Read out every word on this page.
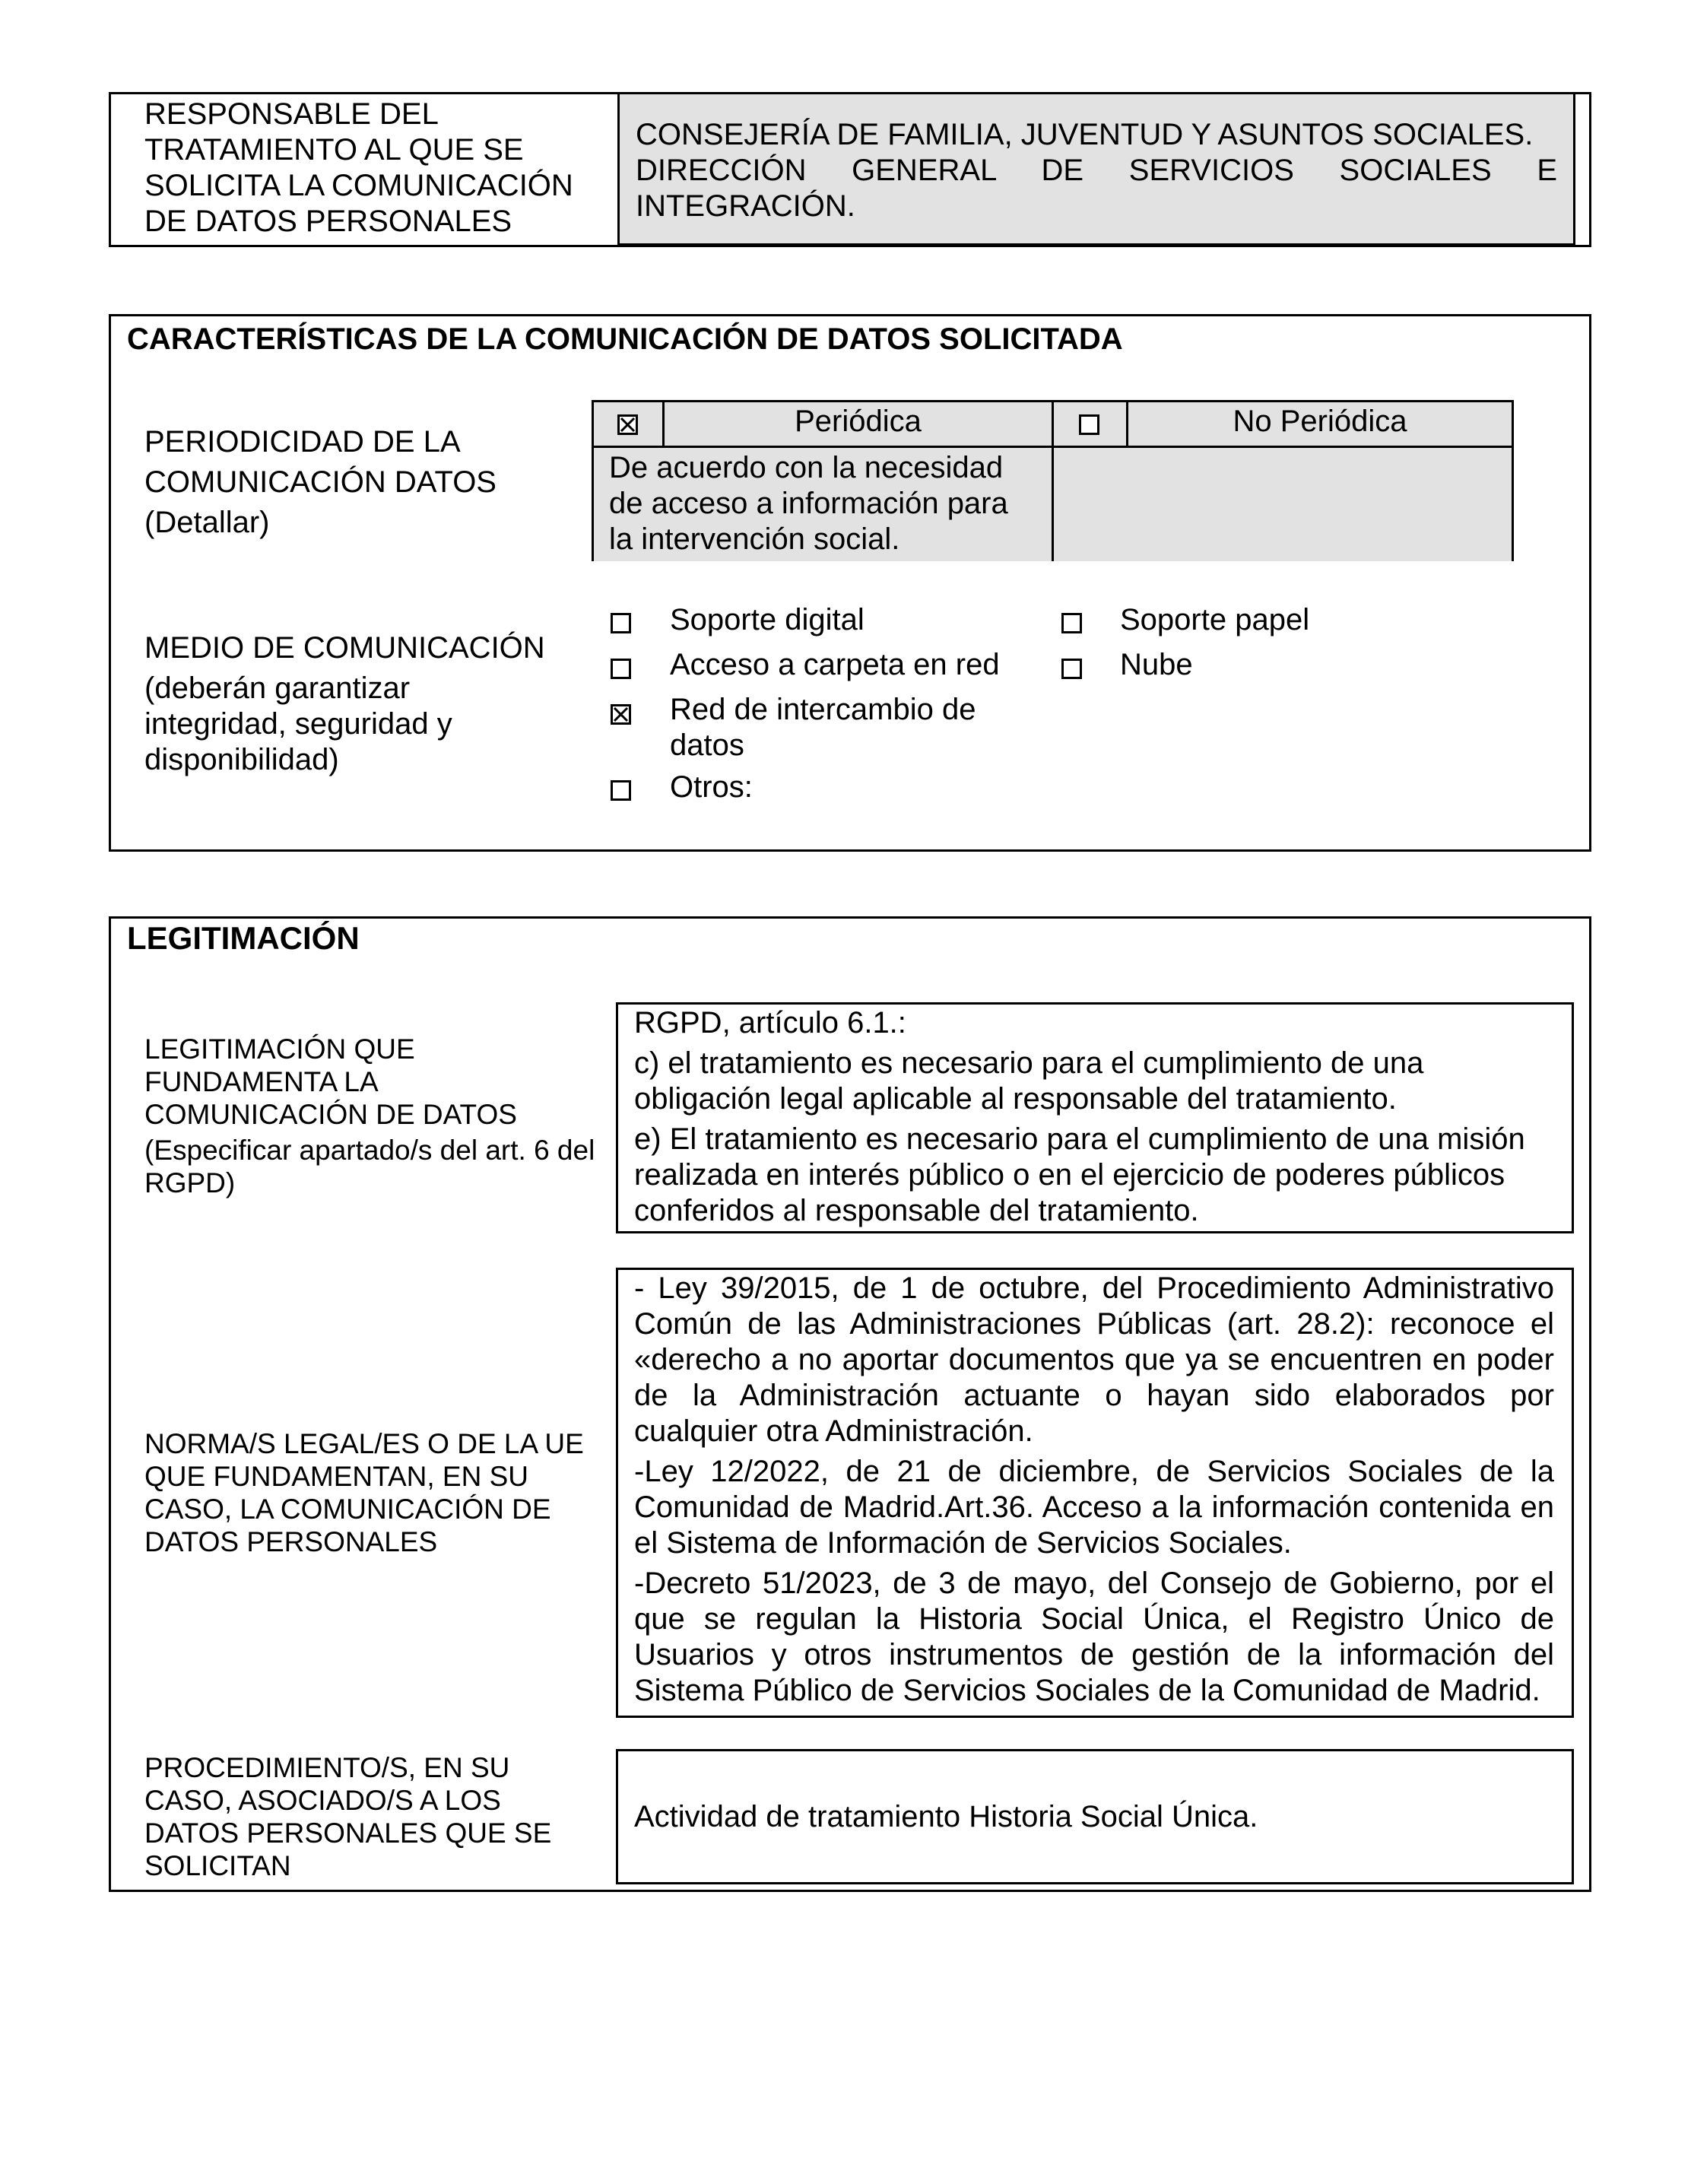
RESPONSABLE DEL TRATAMIENTO AL QUE SE SOLICITA LA COMUNICACIÓN DE DATOS PERSONALES

CONSEJERÍA DE FAMILIA, JUVENTUD Y ASUNTOS SOCIALES.

DIRECCIÓN GENERAL DE SERVICIOS SOCIALES E

INTEGRACIÓN.

CARACTERÍSTICAS DE LA COMUNICACIÓN DE DATOS SOLICITADA

PERIODICIDAD DE LA

COMUNICACIÓN DATOS

(Detallar)

Periódica	No Periódica
De acuerdo con la necesidad de acceso a información para la intervención social.
MEDIO DE COMUNICACIÓN
(deberán garantizar integridad, seguridad y disponibilidad)
Soporte digital
Acceso a carpeta en red
Red de intercambio de datos
Otros:
Soporte papel
Nube
LEGITIMACIÓN
LEGITIMACIÓN QUE FUNDAMENTA LA COMUNICACIÓN DE DATOS
(Especificar apartado/s del art. 6 del RGPD)

RGPD, artículo 6.1.:

c) el tratamiento es necesario para el cumplimiento de una obligación legal aplicable al responsable del tratamiento.

e) El tratamiento es necesario para el cumplimiento de una misión realizada en interés público o en el ejercicio de poderes públicos conferidos al responsable del tratamiento.

NORMA/S LEGAL/ES O DE LA UE QUE FUNDAMENTAN, EN SU CASO, LA COMUNICACIÓN DE DATOS PERSONALES

- Ley 39/2015, de 1 de octubre, del Procedimiento Administrativo Común de las Administraciones Públicas (art. 28.2): reconoce el «derecho a no aportar documentos que ya se encuentren en poder de la Administración actuante o hayan sido elaborados por cualquier otra Administración.

-Ley 12/2022, de 21 de diciembre, de Servicios Sociales de la Comunidad de Madrid.Art.36. Acceso a la información contenida en el Sistema de Información de Servicios Sociales.

-Decreto 51/2023, de 3 de mayo, del Consejo de Gobierno, por el que se regulan la Historia Social Única, el Registro Único de Usuarios y otros instrumentos de gestión de la información del Sistema Público de Servicios Sociales de la Comunidad de Madrid.

PROCEDIMIENTO/S, EN SU CASO, ASOCIADO/S A LOS DATOS PERSONALES QUE SE SOLICITAN
Actividad de tratamiento Historia Social Única.
